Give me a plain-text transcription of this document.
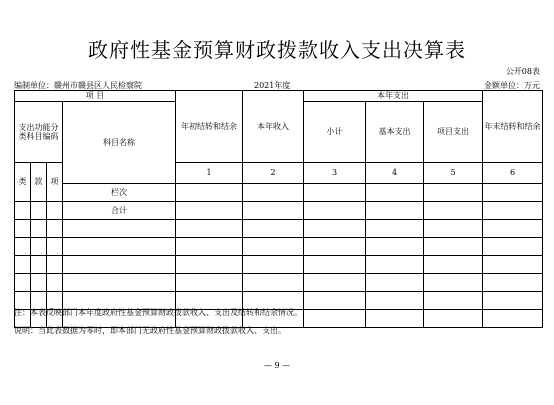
政府性基金预算财政拨款收入支出决算表
公开08表
编制单位：赣州市赣县区人民检察院	2021年度	金额单位：万元
项 目				年初结转和结余	本年收入	本年支出			年末结转和结余
支出功能分类科目编码			科目名称			小计	基本支出	项目支出	
类	款	项		1	2	3	4	5	6
			栏次						
			合计						

注：本表反映部门本年度政府性基金预算财政拨款收入、支出及结转和结余情况。
说明：当此表数据为零时，即本部门无政府性基金预算财政拨款收入、支出。
— 9 —
